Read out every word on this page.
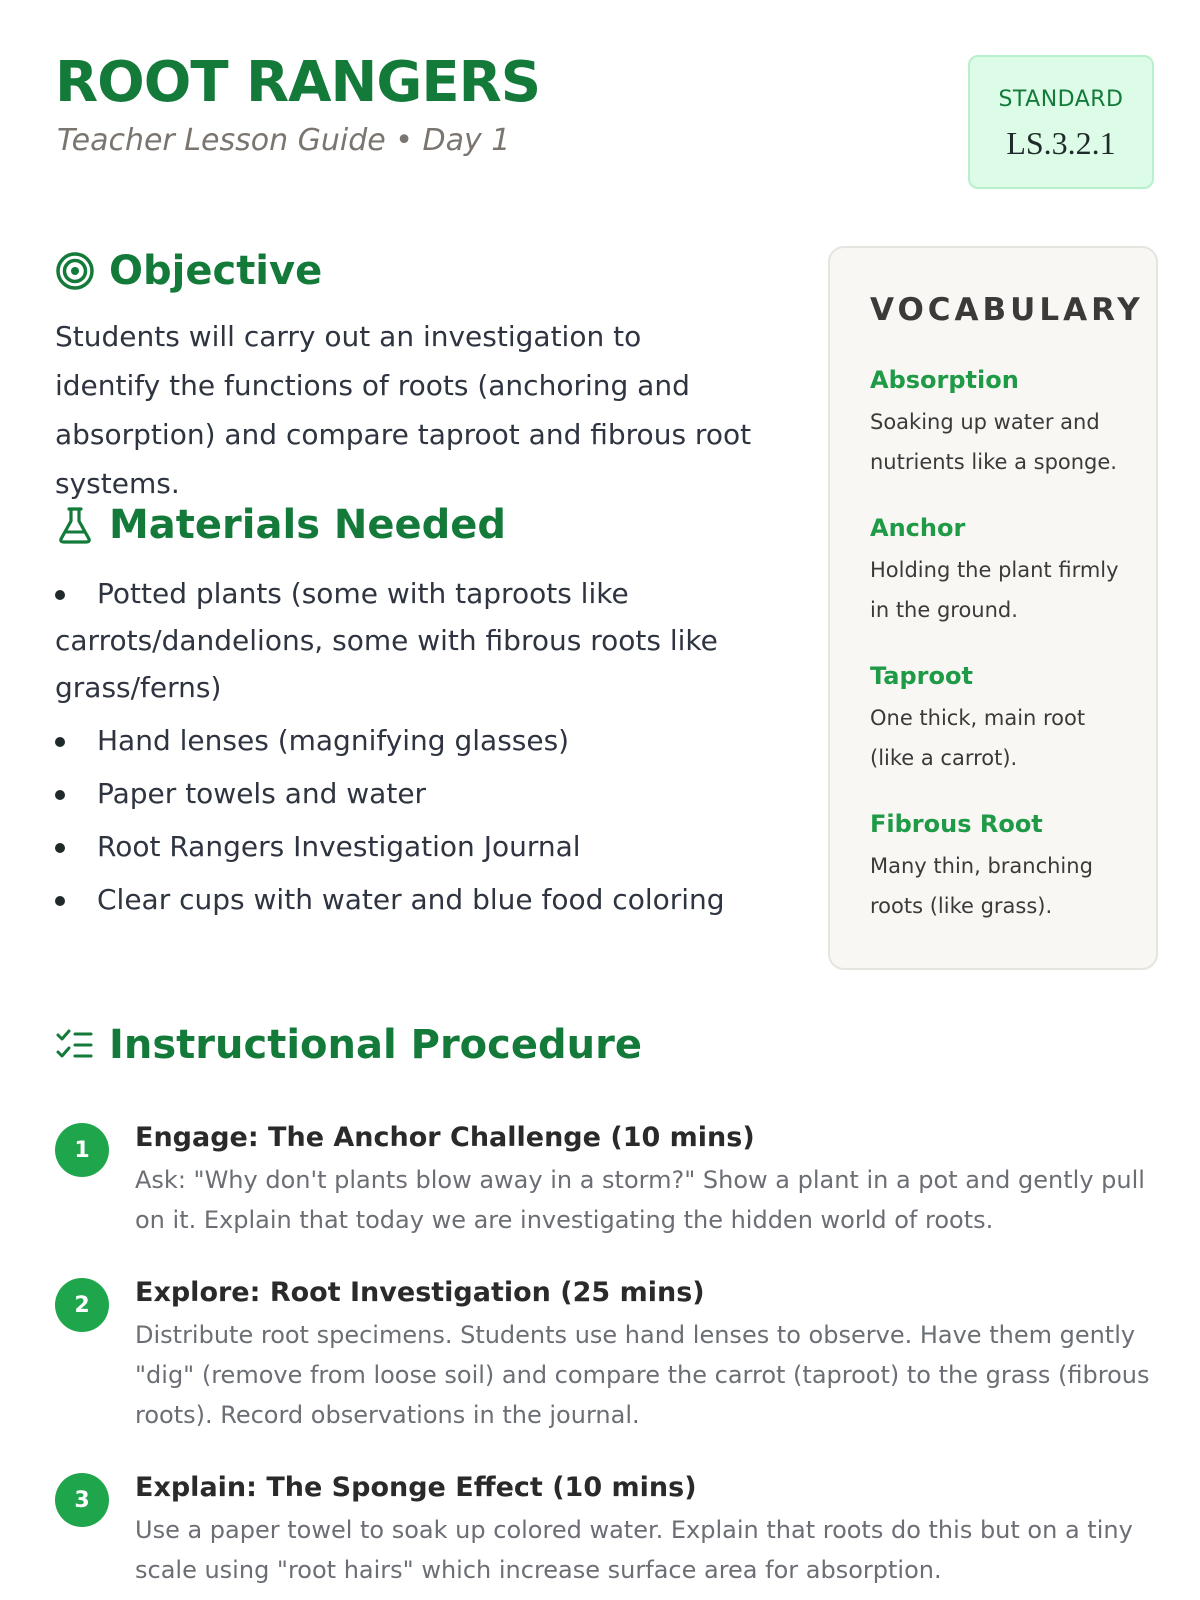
ROOT RANGERS

Teacher Lesson Guide • Day 1

STANDARD
LS.3.2.1
Objective

Students will carry out an investigation to identify the functions of roots (anchoring and absorption) and compare taproot and fibrous root systems.

Materials Needed
Potted plants (some with taproots like carrots/dandelions, some with fibrous roots like grass/ferns)
Hand lenses (magnifying glasses)
Paper towels and water
Root Rangers Investigation Journal
Clear cups with water and blue food coloring
VOCABULARY
Absorption

Soaking up water and nutrients like a sponge.

Anchor

Holding the plant firmly in the ground.

Taproot

One thick, main root (like a carrot).

Fibrous Root

Many thin, branching roots (like grass).

Instructional Procedure
1	Engage: The Anchor Challenge (10 mins)

Ask: "Why don't plants blow away in a storm?" Show a plant in a pot and gently pull on it. Explain that today we are investigating the hidden world of roots.

2	Explore: Root Investigation (25 mins)

Distribute root specimens. Students use hand lenses to observe. Have them gently "dig" (remove from loose soil) and compare the carrot (taproot) to the grass (fibrous roots). Record observations in the journal.

3	Explain: The Sponge Effect (10 mins)

Use a paper towel to soak up colored water. Explain that roots do this but on a tiny scale using "root hairs" which increase surface area for absorption.
